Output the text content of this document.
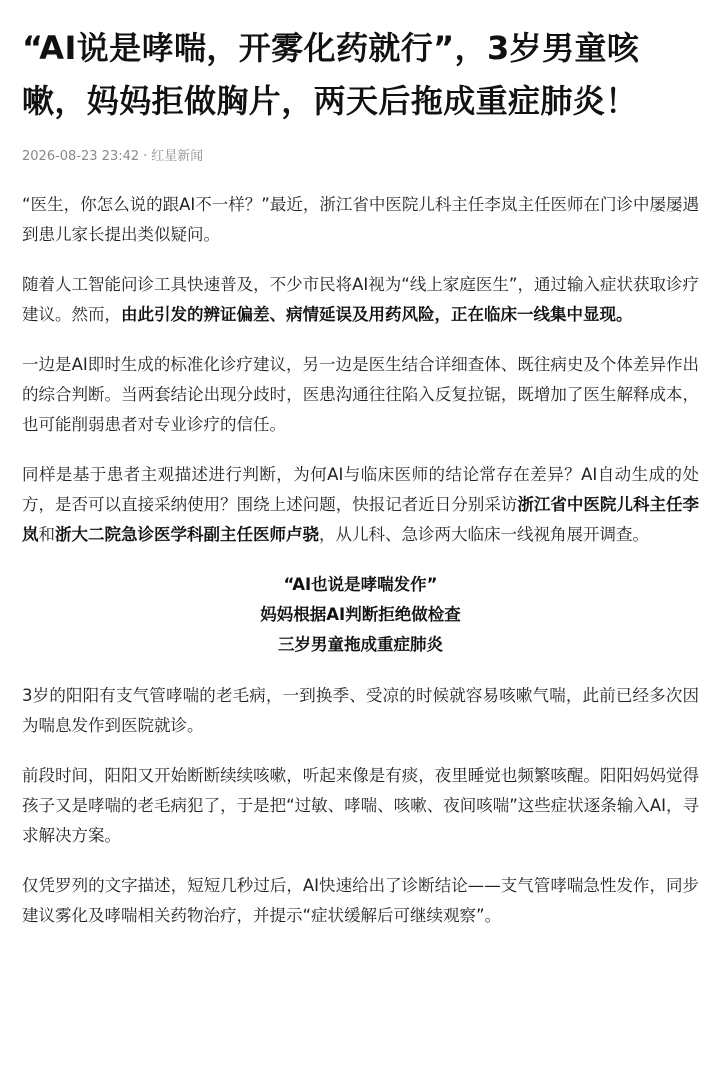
“AI说是哮喘，开雾化药就行”，3岁男童咳嗽，妈妈拒做胸片，两天后拖成重症肺炎！
2026-08-23 23:42 · 红星新闻

“医生，你怎么说的跟AI不一样？”最近，浙江省中医院儿科主任李岚主任医师在门诊中屡屡遇到患儿家长提出类似疑问。

随着人工智能问诊工具快速普及，不少市民将AI视为“线上家庭医生”，通过输入症状获取诊疗建议。然而，由此引发的辨证偏差、病情延误及用药风险，正在临床一线集中显现。

一边是AI即时生成的标准化诊疗建议，另一边是医生结合详细查体、既往病史及个体差异作出的综合判断。当两套结论出现分歧时，医患沟通往往陷入反复拉锯，既增加了医生解释成本，也可能削弱患者对专业诊疗的信任。

同样是基于患者主观描述进行判断，为何AI与临床医师的结论常存在差异？AI自动生成的处方，是否可以直接采纳使用？围绕上述问题，快报记者近日分别采访浙江省中医院儿科主任李岚和浙大二院急诊医学科副主任医师卢骁，从儿科、急诊两大临床一线视角展开调查。

“AI也说是哮喘发作”
妈妈根据AI判断拒绝做检查
三岁男童拖成重症肺炎

3岁的阳阳有支气管哮喘的老毛病，一到换季、受凉的时候就容易咳嗽气喘，此前已经多次因为喘息发作到医院就诊。

前段时间，阳阳又开始断断续续咳嗽，听起来像是有痰，夜里睡觉也频繁咳醒。阳阳妈妈觉得孩子又是哮喘的老毛病犯了，于是把“过敏、哮喘、咳嗽、夜间咳喘”这些症状逐条输入AI，寻求解决方案。

仅凭罗列的文字描述，短短几秒过后，AI快速给出了诊断结论——支气管哮喘急性发作，同步建议雾化及哮喘相关药物治疗，并提示“症状缓解后可继续观察”。
